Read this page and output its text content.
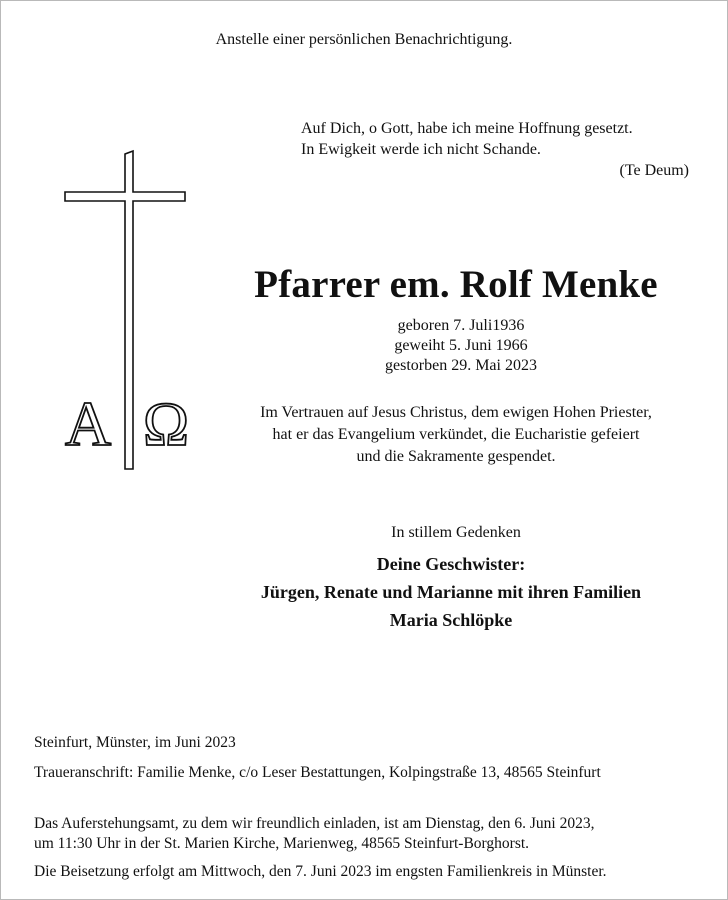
Anstelle einer persönlichen Benachrichtigung.
Auf Dich, o Gott, habe ich meine Hoffnung gesetzt.
In Ewigkeit werde ich nicht Schande.
(Te Deum)
A Ω
Pfarrer em. Rolf Menke
geboren 7. Juli1936
geweiht 5. Juni 1966
gestorben 29. Mai 2023
Im Vertrauen auf Jesus Christus, dem ewigen Hohen Priester,
hat er das Evangelium verkündet, die Eucharistie gefeiert
und die Sakramente gespendet.
In stillem Gedenken
Deine Geschwister:
Jürgen, Renate und Marianne mit ihren Familien
Maria Schlöpke
Steinfurt, Münster, im Juni 2023
Traueranschrift: Familie Menke, c/o Leser Bestattungen, Kolpingstraße 13, 48565 Steinfurt
Das Auferstehungsamt, zu dem wir freundlich einladen, ist am Dienstag, den 6. Juni 2023,
um 11:30 Uhr in der St. Marien Kirche, Marienweg, 48565 Steinfurt-Borghorst.
Die Beisetzung erfolgt am Mittwoch, den 7. Juni 2023 im engsten Familienkreis in Münster.
